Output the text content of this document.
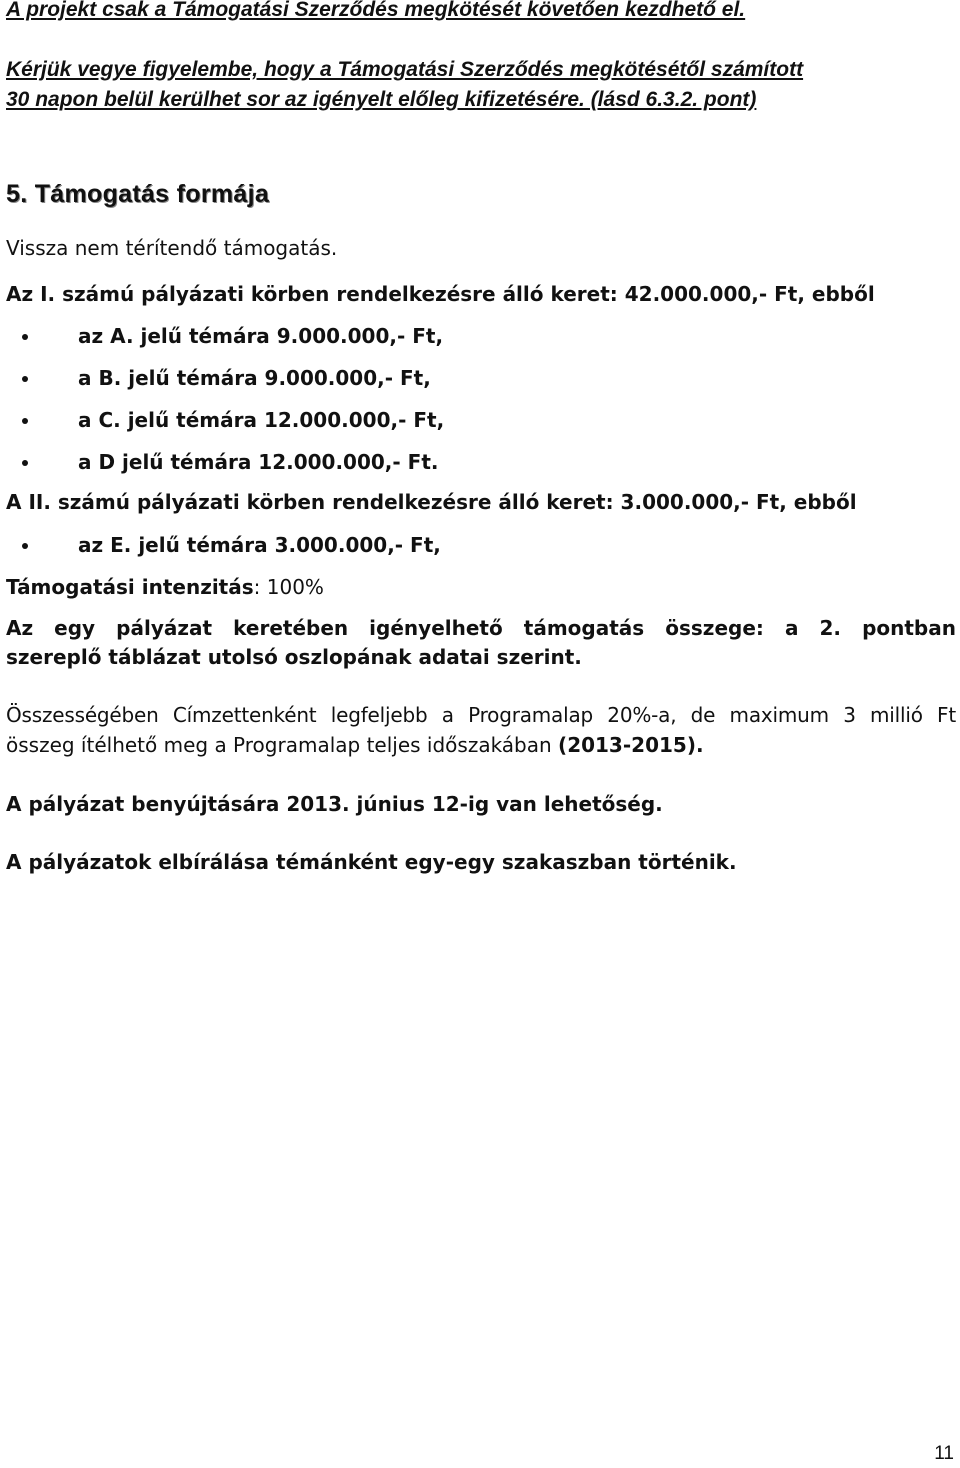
A projekt csak a Támogatási Szerződés megkötését követően kezdhető el.
Kérjük vegye figyelembe, hogy a Támogatási Szerződés megkötésétől számított
30 napon belül kerülhet sor az igényelt előleg kifizetésére. (lásd 6.3.2. pont)
5. Támogatás formája
Vissza nem térítendő támogatás.
Az I. számú pályázati körben rendelkezésre álló keret: 42.000.000,- Ft, ebből
az A. jelű témára 9.000.000,- Ft,
a B. jelű témára 9.000.000,- Ft,
a C. jelű témára 12.000.000,- Ft,
a D jelű témára 12.000.000,- Ft.
A II. számú pályázati körben rendelkezésre álló keret: 3.000.000,- Ft, ebből
az E. jelű témára 3.000.000,- Ft,
Támogatási intenzitás: 100%
Az egy pályázat keretében igényelhető támogatás összege: a 2. pontban
szereplő táblázat utolsó oszlopának adatai szerint.
Összességében Címzettenként legfeljebb a Programalap 20%-a, de maximum 3 millió Ft
összeg ítélhető meg a Programalap teljes időszakában (2013-2015).
A pályázat benyújtására 2013. június 12-ig van lehetőség.
A pályázatok elbírálása témánként egy-egy szakaszban történik.
11
